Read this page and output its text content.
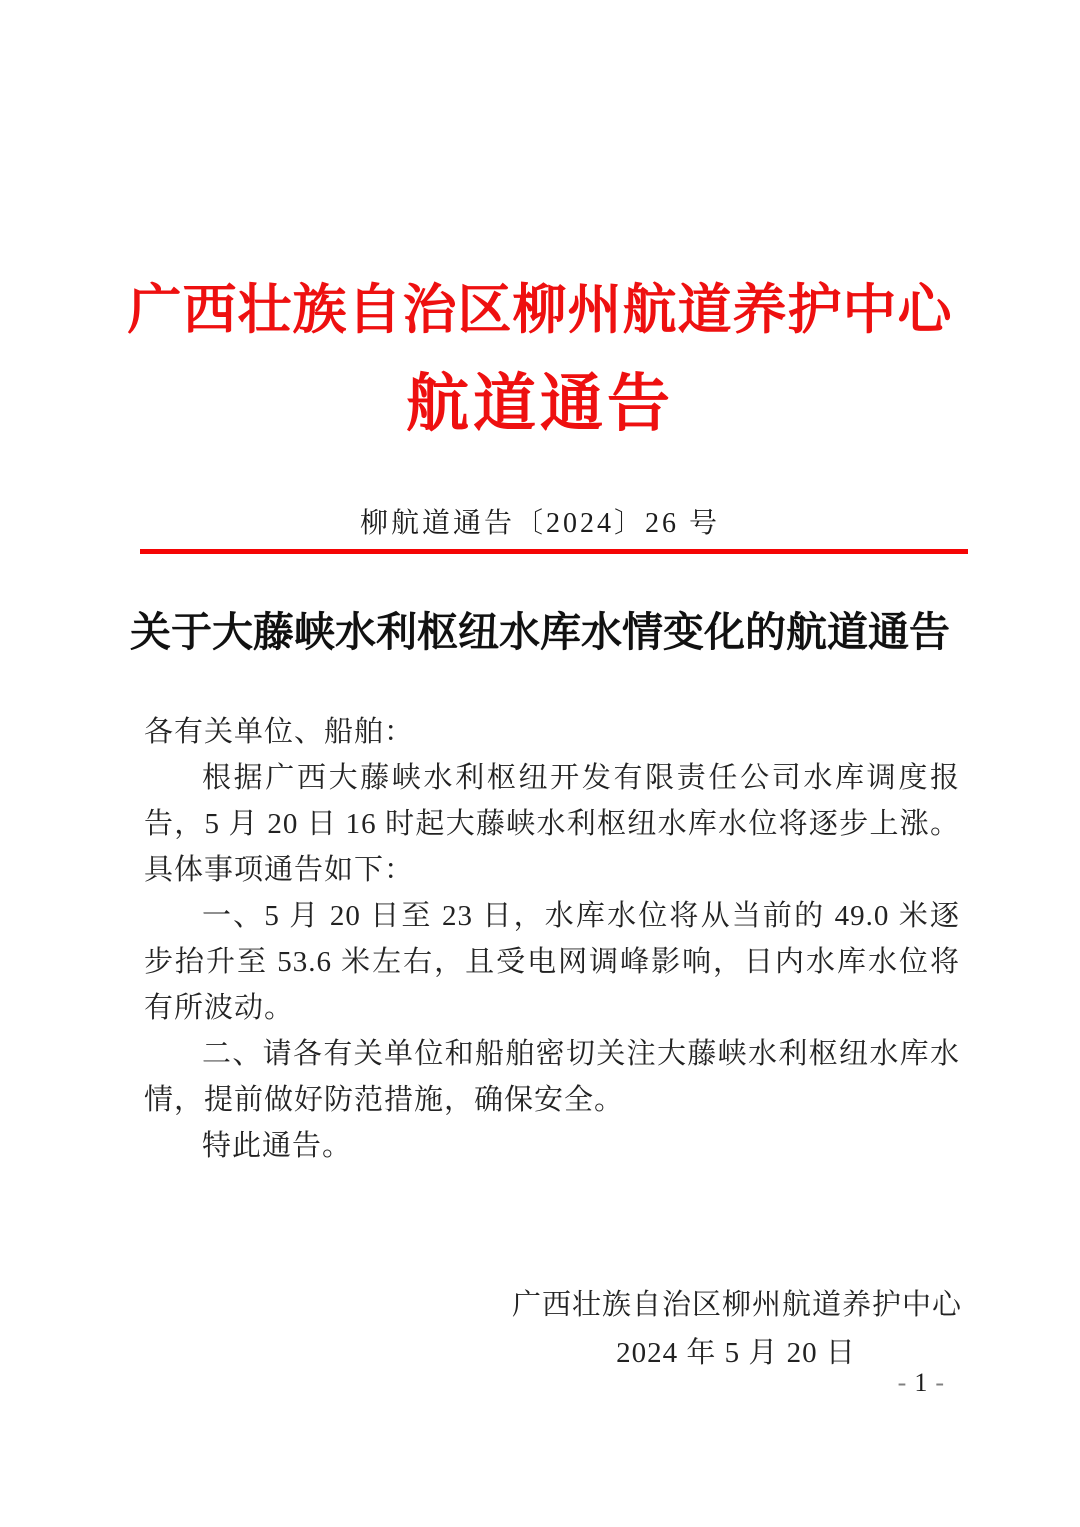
广西壮族自治区柳州航道养护中心
航道通告
柳航道通告〔2024〕26 号
关于大藤峡水利枢纽水库水情变化的航道通告

各有关单位、船舶：

根据广西大藤峡水利枢纽开发有限责任公司水库调度报告，5 月 20 日 16 时起大藤峡水利枢纽水库水位将逐步上涨。具体事项通告如下：

一、5 月 20 日至 23 日，水库水位将从当前的 49.0 米逐步抬升至 53.6 米左右，且受电网调峰影响，日内水库水位将有所波动。

二、请各有关单位和船舶密切关注大藤峡水利枢纽水库水情，提前做好防范措施，确保安全。

特此通告。

广西壮族自治区柳州航道养护中心
2024 年 5 月 20 日
- 1 -
